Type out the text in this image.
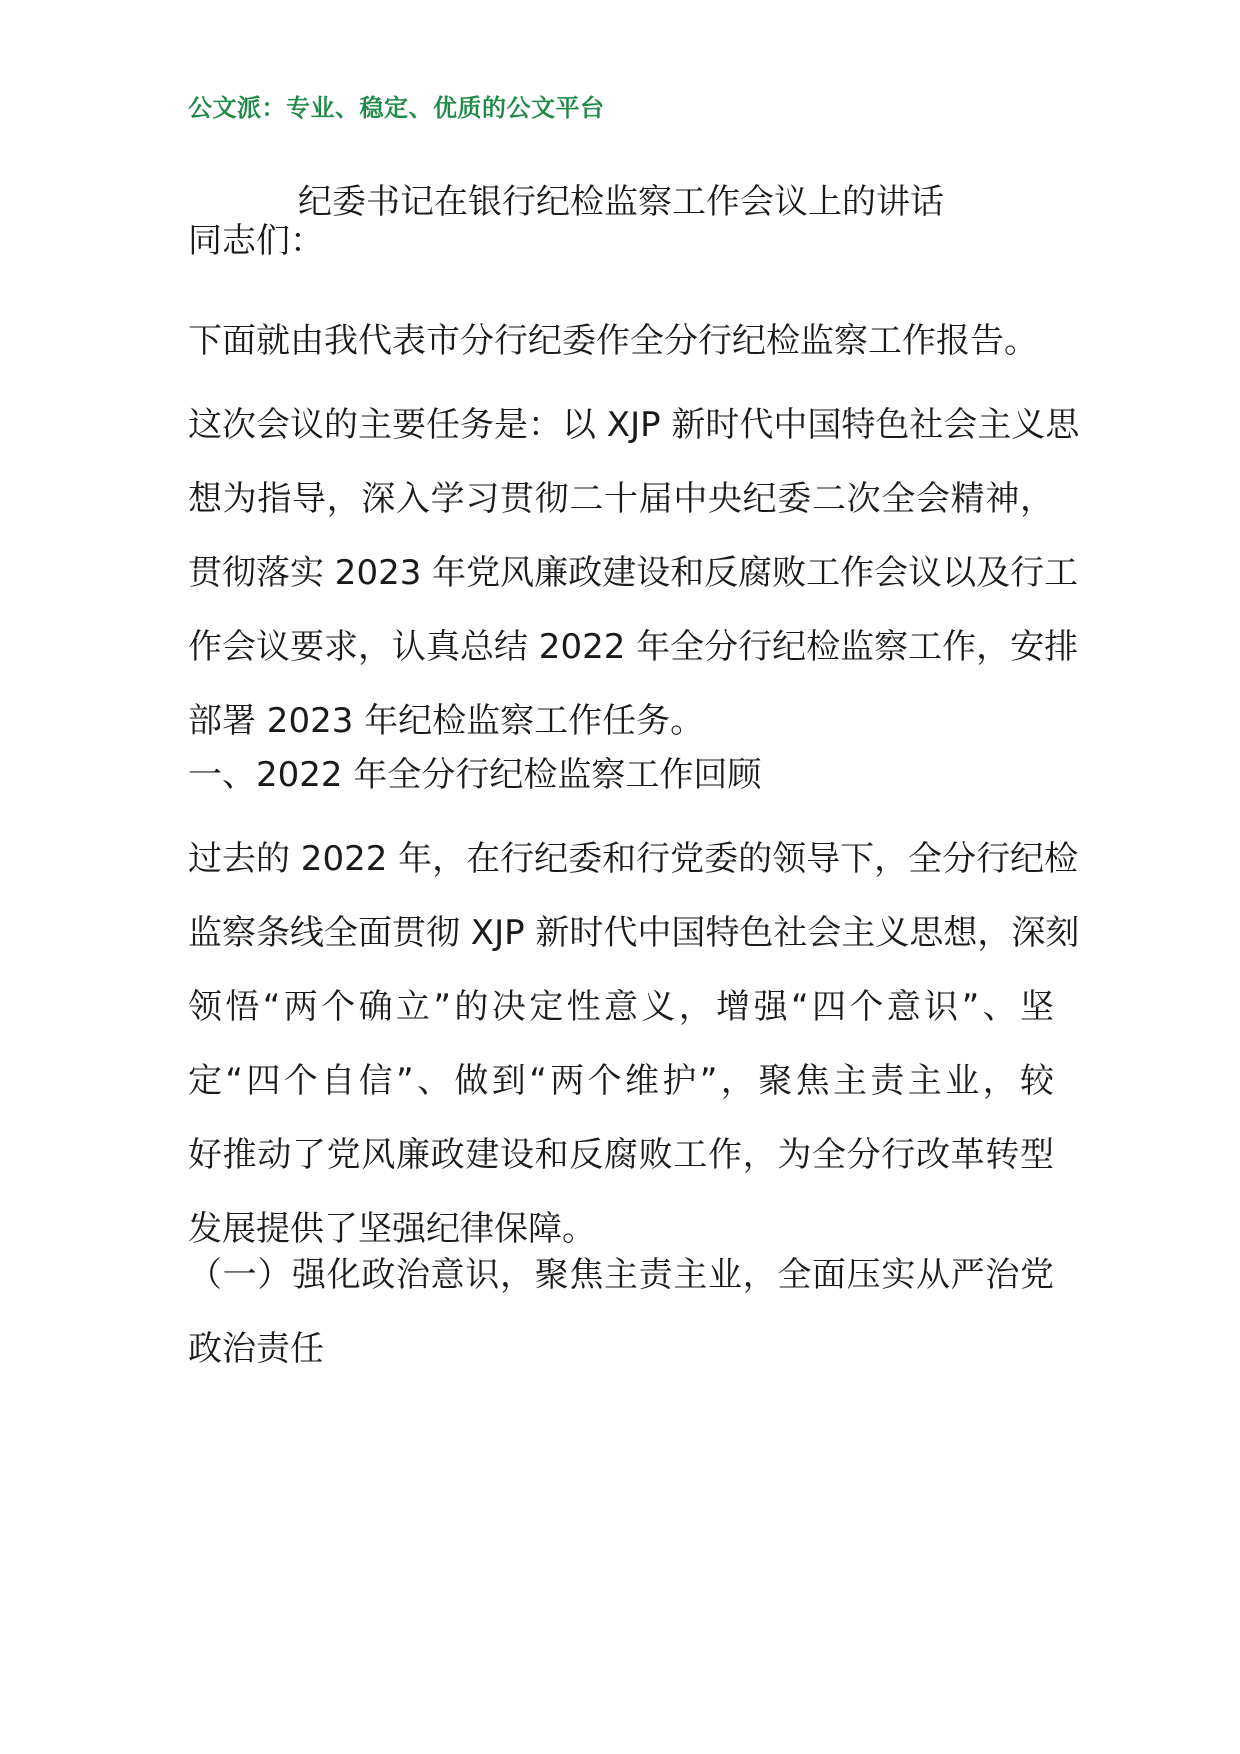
公文派：专业、稳定、优质的公文平台
纪委书记在银行纪检监察工作会议上的讲话

同志们：

下面就由我代表市分行纪委作全分行纪检监察工作报告。

这次会议的主要任务是：以 XJP 新时代中国特色社会主义思
想为指导，深入学习贯彻二十届中央纪委二次全会精神，
贯彻落实 2023 年党风廉政建设和反腐败工作会议以及行工
作会议要求，认真总结 2022 年全分行纪检监察工作，安排
部署 2023 年纪检监察工作任务。

一、2022 年全分行纪检监察工作回顾

过去的 2022 年，在行纪委和行党委的领导下，全分行纪检
监察条线全面贯彻 XJP 新时代中国特色社会主义思想，深刻
领悟“两个确立”的决定性意义，增强“四个意识”、坚
定“四个自信”、做到“两个维护”，聚焦主责主业，较
好推动了党风廉政建设和反腐败工作，为全分行改革转型
发展提供了坚强纪律保障。

（一）强化政治意识，聚焦主责主业，全面压实从严治党
政治责任
